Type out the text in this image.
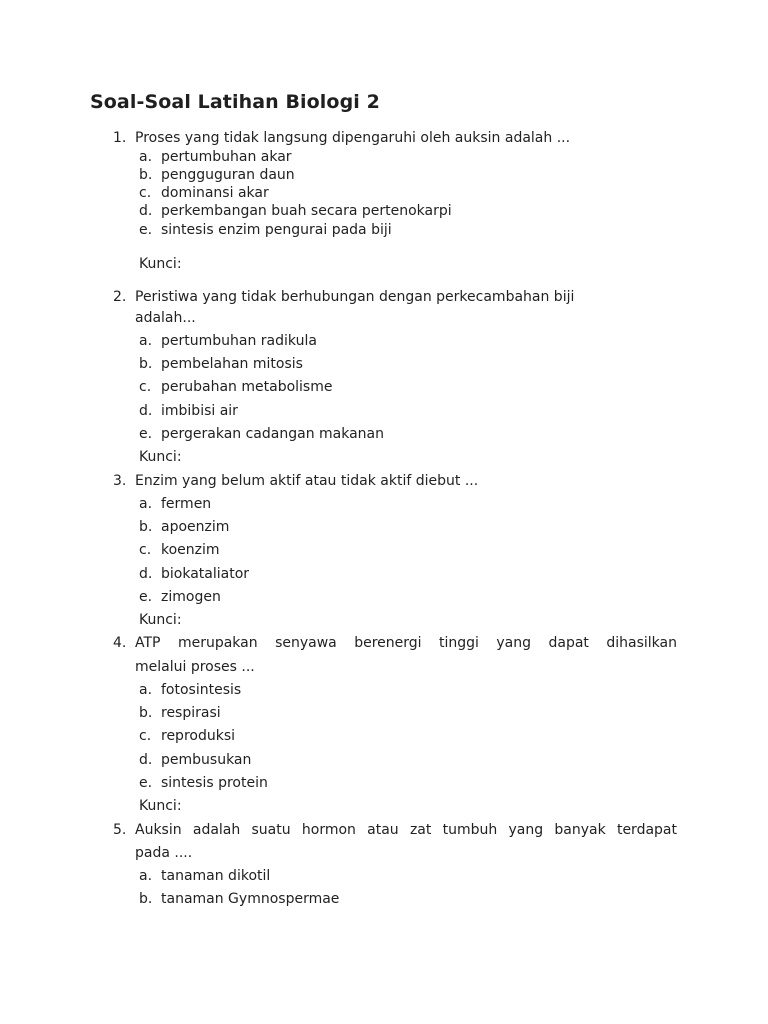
Soal-Soal Latihan Biologi 2
1. Proses yang tidak langsung dipengaruhi oleh auksin adalah ...
a. pertumbuhan akar
b. pengguguran daun
c. dominansi akar
d. perkembangan buah secara pertenokarpi
e. sintesis enzim pengurai pada biji
Kunci:
2. Peristiwa yang tidak berhubungan dengan perkecambahan biji
adalah...
a. pertumbuhan radikula
b. pembelahan mitosis
c. perubahan metabolisme
d. imbibisi air
e. pergerakan cadangan makanan
Kunci:
3. Enzim yang belum aktif atau tidak aktif diebut ...
a. fermen
b. apoenzim
c. koenzim
d. biokataliator
e. zimogen
Kunci:
4. ATP merupakan senyawa berenergi tinggi yang dapat dihasilkan
melalui proses ...
a. fotosintesis
b. respirasi
c. reproduksi
d. pembusukan
e. sintesis protein
Kunci:
5. Auksin adalah suatu hormon atau zat tumbuh yang banyak terdapat
pada ....
a. tanaman dikotil
b. tanaman Gymnospermae
